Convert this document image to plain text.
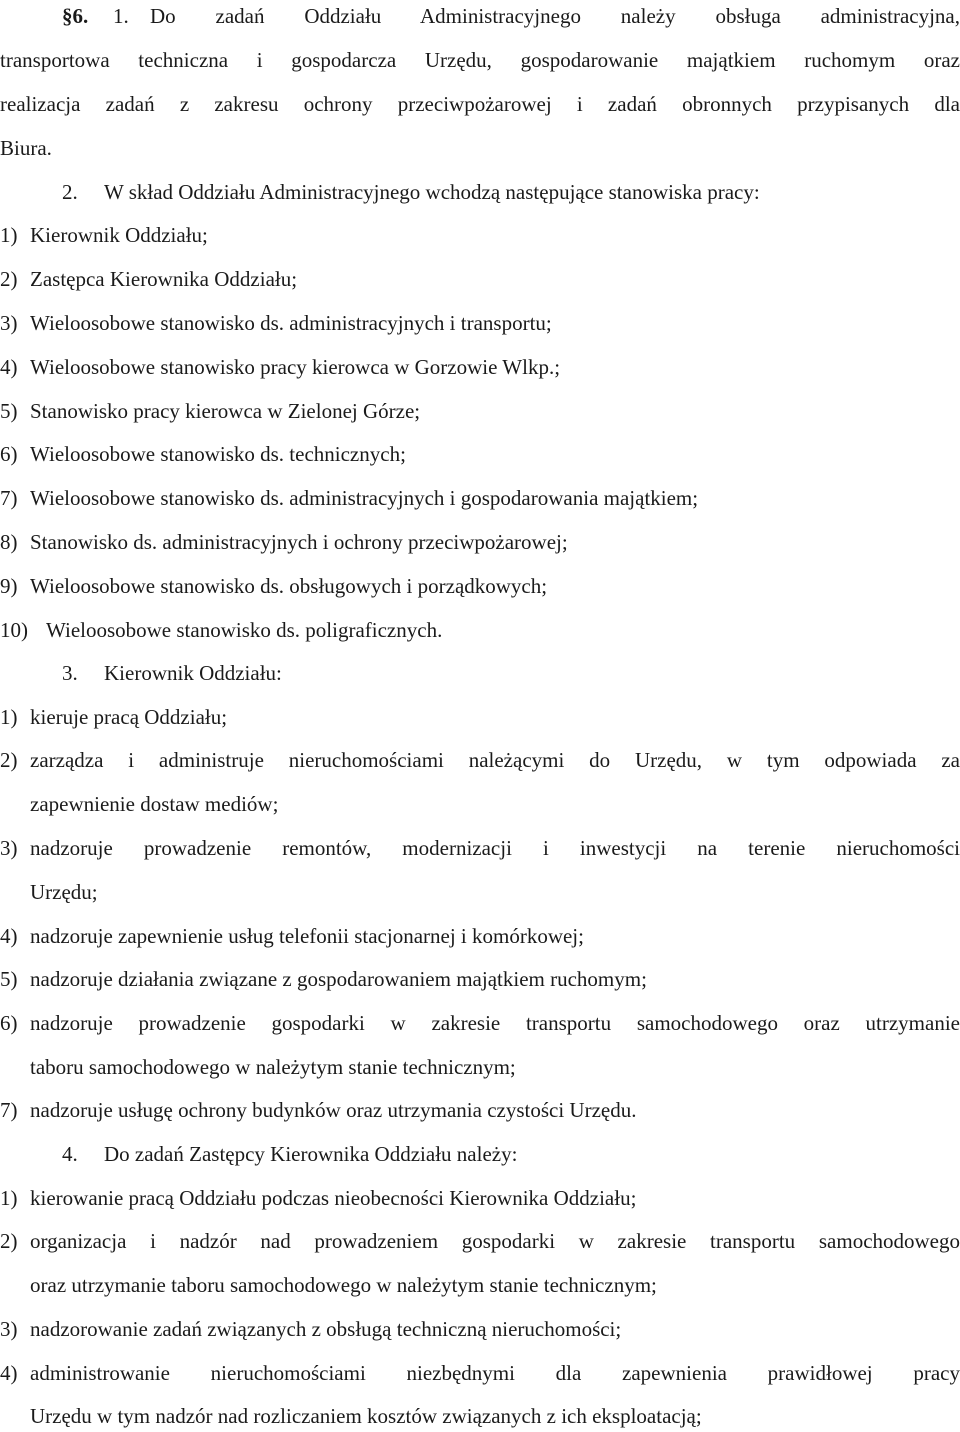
§6. 1. Do zadań Oddziału Administracyjnego należy obsługa administracyjna,
transportowa techniczna i gospodarcza Urzędu, gospodarowanie majątkiem ruchomym oraz
realizacja zadań z zakresu ochrony przeciwpożarowej i zadań obronnych przypisanych dla
Biura.
2. W skład Oddziału Administracyjnego wchodzą następujące stanowiska pracy:
1) Kierownik Oddziału;
2) Zastępca Kierownika Oddziału;
3) Wieloosobowe stanowisko ds. administracyjnych i transportu;
4) Wieloosobowe stanowisko pracy kierowca w Gorzowie Wlkp.;
5) Stanowisko pracy kierowca w Zielonej Górze;
6) Wieloosobowe stanowisko ds. technicznych;
7) Wieloosobowe stanowisko ds. administracyjnych i gospodarowania majątkiem;
8) Stanowisko ds. administracyjnych i ochrony przeciwpożarowej;
9) Wieloosobowe stanowisko ds. obsługowych i porządkowych;
10) Wieloosobowe stanowisko ds. poligraficznych.
3. Kierownik Oddziału:
1) kieruje pracą Oddziału;
2) zarządza i administruje nieruchomościami należącymi do Urzędu, w tym odpowiada za
zapewnienie dostaw mediów;
3) nadzoruje prowadzenie remontów, modernizacji i inwestycji na terenie nieruchomości
Urzędu;
4) nadzoruje zapewnienie usług telefonii stacjonarnej i komórkowej;
5) nadzoruje działania związane z gospodarowaniem majątkiem ruchomym;
6) nadzoruje prowadzenie gospodarki w zakresie transportu samochodowego oraz utrzymanie
taboru samochodowego w należytym stanie technicznym;
7) nadzoruje usługę ochrony budynków oraz utrzymania czystości Urzędu.
4. Do zadań Zastępcy Kierownika Oddziału należy:
1) kierowanie pracą Oddziału podczas nieobecności Kierownika Oddziału;
2) organizacja i nadzór nad prowadzeniem gospodarki w zakresie transportu samochodowego
oraz utrzymanie taboru samochodowego w należytym stanie technicznym;
3) nadzorowanie zadań związanych z obsługą techniczną nieruchomości;
4) administrowanie nieruchomościami niezbędnymi dla zapewnienia prawidłowej pracy
Urzędu w tym nadzór nad rozliczaniem kosztów związanych z ich eksploatacją;
